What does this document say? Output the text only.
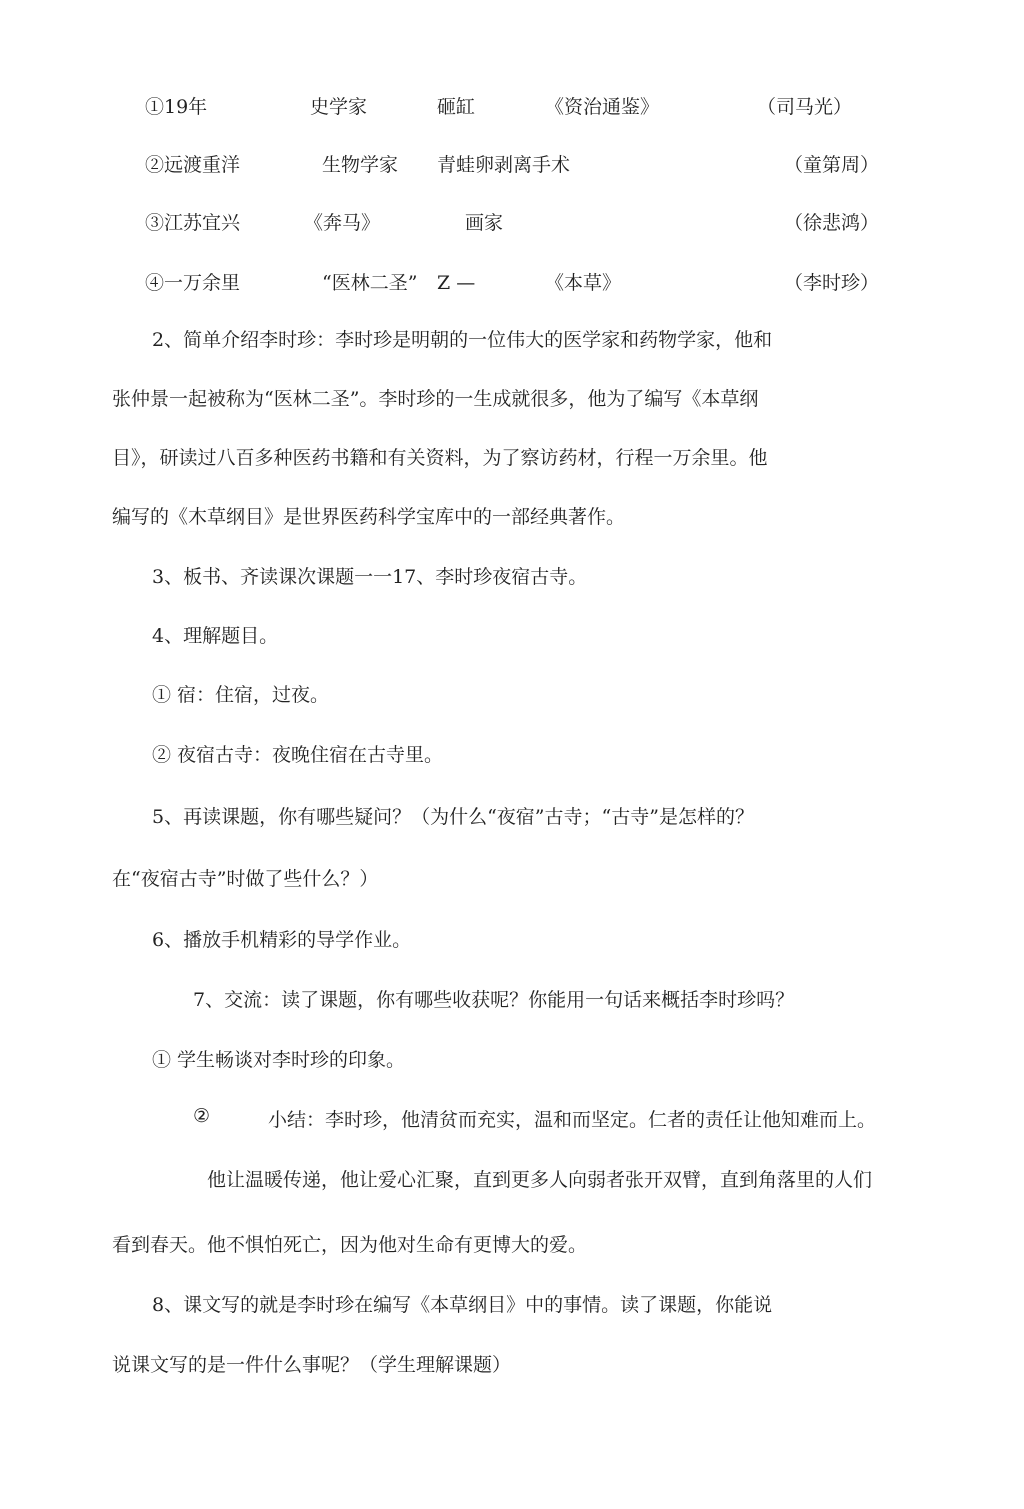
①19年	史学家	砸缸	《资治通鉴》	（司马光）
②远渡重洋	生物学家 青蛙卵剥离手术	（童第周）
③江苏宜兴	《奔马》	画家	（徐悲鸿）
④一万余里	“医林二圣” Z —	《本草》	（李时珍）
2、简单介绍李时珍：李时珍是明朝的一位伟大的医学家和药物学家，他和
张仲景一起被称为“医林二圣”。李时珍的一生成就很多，他为了编写《本草纲
目》，研读过八百多种医药书籍和有关资料，为了察访药材，行程一万余里。他
编写的《木草纲目》是世界医药科学宝库中的一部经典著作。
3、板书、齐读课次课题一一17、李时珍夜宿古寺。
4、理解题目。
① 宿：住宿，过夜。
② 夜宿古寺：夜晚住宿在古寺里。
5、再读课题，你有哪些疑问？（为什么“夜宿”古寺；“古寺”是怎样的？
在“夜宿古寺”时做了些什么？）
6、播放手机精彩的导学作业。
7、交流：读了课题，你有哪些收获呢？你能用一句话来概括李时珍吗？
① 学生畅谈对李时珍的印象。
②	小结：李时珍，他清贫而充实，温和而坚定。仁者的责任让他知难而上。
他让温暖传递，他让爱心汇聚，直到更多人向弱者张开双臂，直到角落里的人们
看到春天。他不惧怕死亡，因为他对生命有更博大的爱。
8、课文写的就是李时珍在编写《本草纲目》中的事情。读了课题，你能说
说课文写的是一件什么事呢？（学生理解课题）
